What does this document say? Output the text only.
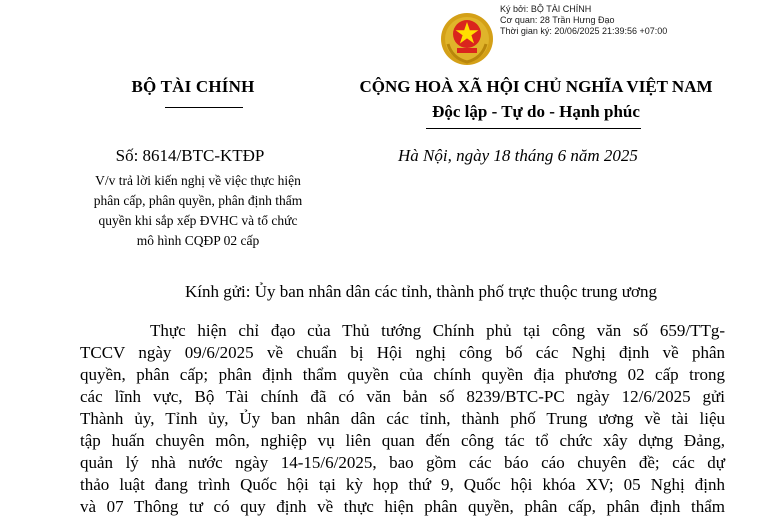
Ký bởi: BỘ TÀI CHÍNH
Cơ quan: 28 Trần Hưng Đạo
Thời gian ký: 20/06/2025 21:39:56 +07:00
BỘ TÀI CHÍNH	CỘNG HOÀ XÃ HỘI CHỦ NGHĨA VIỆT NAM
Độc lập - Tự do - Hạnh phúc
Số: 8614/BTC-KTĐP	Hà Nội, ngày 18 tháng 6 năm 2025
V/v trả lời kiến nghị về việc thực hiện
phân cấp, phân quyền, phân định thẩm
quyền khi sắp xếp ĐVHC và tổ chức
mô hình CQĐP 02 cấp
Kính gửi: Ủy ban nhân dân các tỉnh, thành phố trực thuộc trung ương
Thực hiện chỉ đạo của Thủ tướng Chính phủ tại công văn số 659/TTg-
TCCV ngày 09/6/2025 về chuẩn bị Hội nghị công bố các Nghị định về phân
quyền, phân cấp; phân định thẩm quyền của chính quyền địa phương 02 cấp trong
các lĩnh vực, Bộ Tài chính đã có văn bản số 8239/BTC-PC ngày 12/6/2025 gửi
Thành ủy, Tỉnh ủy, Ủy ban nhân dân các tỉnh, thành phố Trung ương về tài liệu
tập huấn chuyên môn, nghiệp vụ liên quan đến công tác tổ chức xây dựng Đảng,
quản lý nhà nước ngày 14-15/6/2025, bao gồm các báo cáo chuyên đề; các dự
thảo luật đang trình Quốc hội tại kỳ họp thứ 9, Quốc hội khóa XV; 05 Nghị định
và 07 Thông tư có quy định về thực hiện phân quyền, phân cấp, phân định thẩm
